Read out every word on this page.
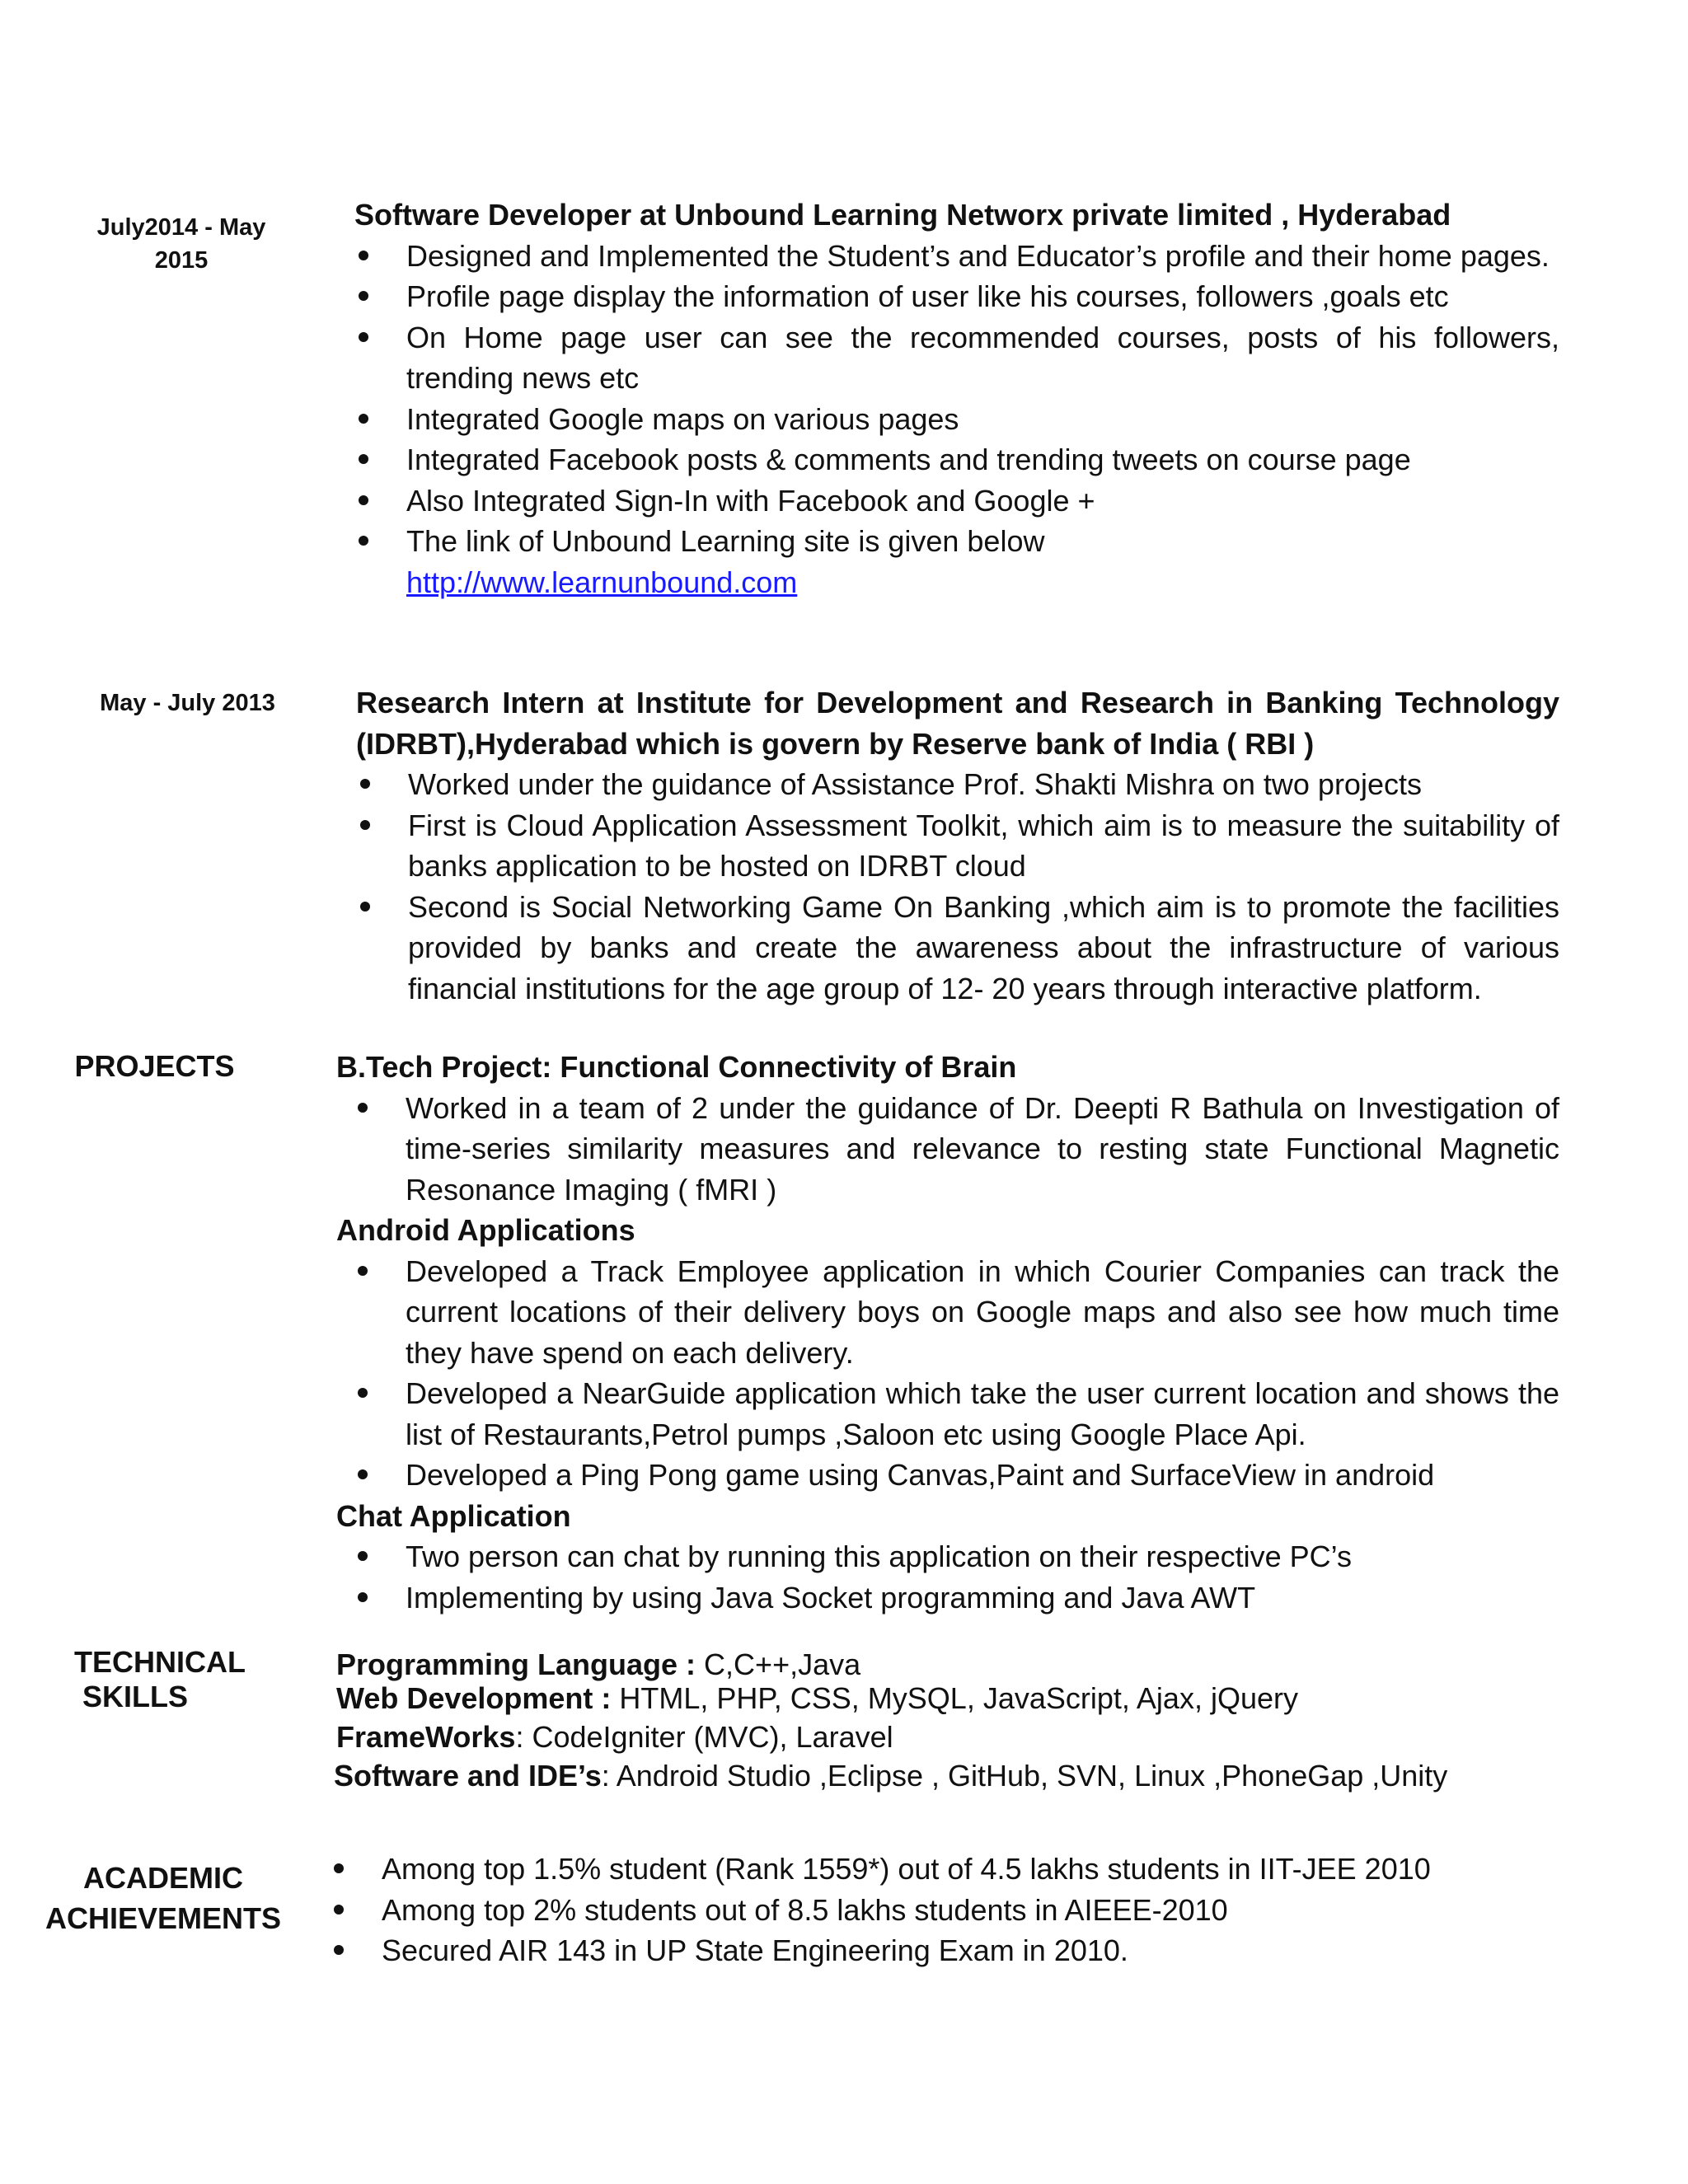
July2014 - May 2015

Software Developer at Unbound Learning Networx private limited , Hyderabad

Designed and Implemented the Student’s and Educator’s profile and their home pages.
Profile page display the information of user like his courses, followers ,goals etc
On Home page user can see the recommended courses, posts of his followers, trending news etc
Integrated Google maps on various pages
Integrated Facebook posts & comments and trending tweets on course page
Also Integrated Sign-In with Facebook and Google +
The link of Unbound Learning site is given below
http://www.learnunbound.com
May - July 2013	Research Intern at Institute for Development and Research in Banking Technology (IDRBT),Hyderabad which is govern by Reserve bank of India ( RBI )

Worked under the guidance of Assistance Prof. Shakti Mishra on two projects
First is Cloud Application Assessment Toolkit, which aim is to measure the suitability of banks application to be hosted on IDRBT cloud
Second is Social Networking Game On Banking ,which aim is to promote the facilities provided by banks and create the awareness about the infrastructure of various financial institutions for the age group of 12- 20 years through interactive platform.
PROJECTS	B.Tech Project: Functional Connectivity of Brain

Worked in a team of 2 under the guidance of Dr. Deepti R Bathula on Investigation of time-series similarity measures and relevance to resting state Functional Magnetic Resonance Imaging ( fMRI )

Android Applications

Developed a Track Employee application in which Courier Companies can track the current locations of their delivery boys on Google maps and also see how much time they have spend on each delivery.
Developed a NearGuide application which take the user current location and shows the list of Restaurants,Petrol pumps ,Saloon etc using Google Place Api.
Developed a Ping Pong game using Canvas,Paint and SurfaceView in android

Chat Application

Two person can chat by running this application on their respective PC’s
Implementing by using Java Socket programming and Java AWT
TECHNICAL
SKILLS

Programming Language : C,C++,Java

Web Development : HTML, PHP, CSS, MySQL, JavaScript, Ajax, jQuery

FrameWorks: CodeIgniter (MVC), Laravel

Software and IDE’s: Android Studio ,Eclipse , GitHub, SVN, Linux ,PhoneGap ,Unity

ACADEMIC
ACHIEVEMENTS
Among top 1.5% student (Rank 1559*) out of 4.5 lakhs students in IIT-JEE 2010
Among top 2% students out of 8.5 lakhs students in AIEEE-2010
Secured AIR 143 in UP State Engineering Exam in 2010.
